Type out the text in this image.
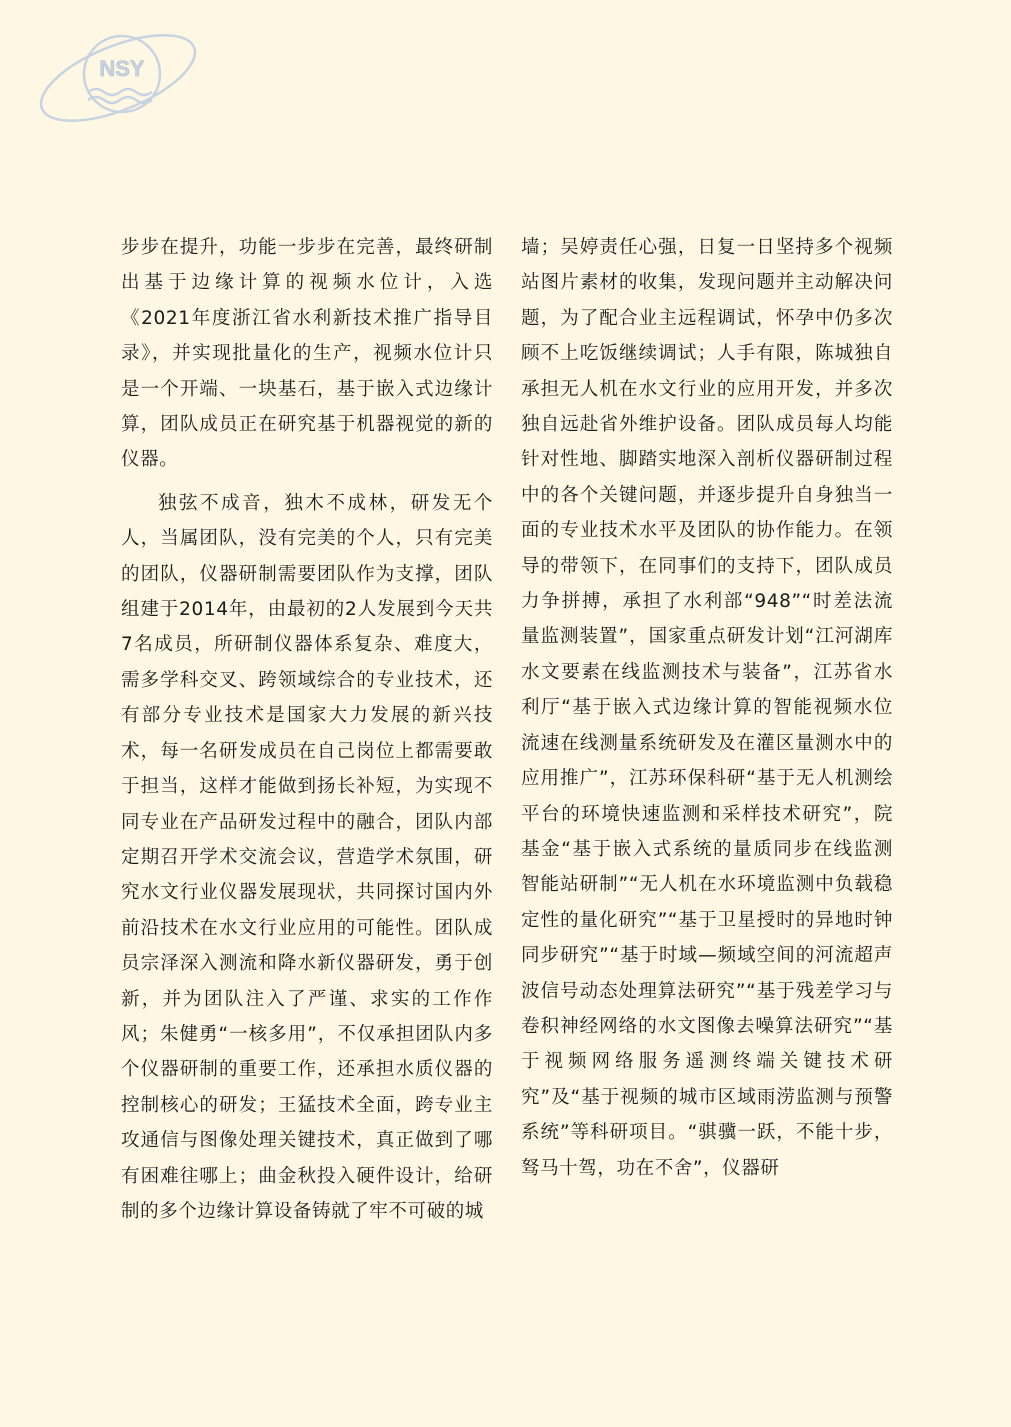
NSY

步步在提升，功能一步步在完善，最终研制出基于边缘计算的视频水位计，入选《2021年度浙江省水利新技术推广指导目录》，并实现批量化的生产，视频水位计只是一个开端、一块基石，基于嵌入式边缘计算，团队成员正在研究基于机器视觉的新的仪器。

独弦不成音，独木不成林，研发无个人，当属团队，没有完美的个人，只有完美的团队，仪器研制需要团队作为支撑，团队组建于2014年，由最初的2人发展到今天共7名成员，所研制仪器体系复杂、难度大，需多学科交叉、跨领域综合的专业技术，还有部分专业技术是国家大力发展的新兴技术，每一名研发成员在自己岗位上都需要敢于担当，这样才能做到扬长补短，为实现不同专业在产品研发过程中的融合，团队内部定期召开学术交流会议，营造学术氛围，研究水文行业仪器发展现状，共同探讨国内外前沿技术在水文行业应用的可能性。团队成员宗泽深入测流和降水新仪器研发，勇于创新，并为团队注入了严谨、求实的工作作风；朱健勇“一核多用”，不仅承担团队内多个仪器研制的重要工作，还承担水质仪器的控制核心的研发；王猛技术全面，跨专业主攻通信与图像处理关键技术，真正做到了哪有困难往哪上；曲金秋投入硬件设计，给研制的多个边缘计算设备铸就了牢不可破的城

墙；吴婷责任心强，日复一日坚持多个视频站图片素材的收集，发现问题并主动解决问题，为了配合业主远程调试，怀孕中仍多次顾不上吃饭继续调试；人手有限，陈城独自承担无人机在水文行业的应用开发，并多次独自远赴省外维护设备。团队成员每人均能针对性地、脚踏实地深入剖析仪器研制过程中的各个关键问题，并逐步提升自身独当一面的专业技术水平及团队的协作能力。在领导的带领下，在同事们的支持下，团队成员力争拼搏，承担了水利部“948”“时差法流量监测装置”，国家重点研发计划“江河湖库水文要素在线监测技术与装备”，江苏省水利厅“基于嵌入式边缘计算的智能视频水位流速在线测量系统研发及在灌区量测水中的应用推广”，江苏环保科研“基于无人机测绘平台的环境快速监测和采样技术研究”，院基金“基于嵌入式系统的量质同步在线监测智能站研制”“无人机在水环境监测中负载稳定性的量化研究”“基于卫星授时的异地时钟同步研究”“基于时域—频域空间的河流超声波信号动态处理算法研究”“基于残差学习与卷积神经网络的水文图像去噪算法研究”“基于视频网络服务遥测终端关键技术研究”及“基于视频的城市区域雨涝监测与预警系统”等科研项目。“骐骥一跃，不能十步，驽马十驾，功在不舍”，仪器研
